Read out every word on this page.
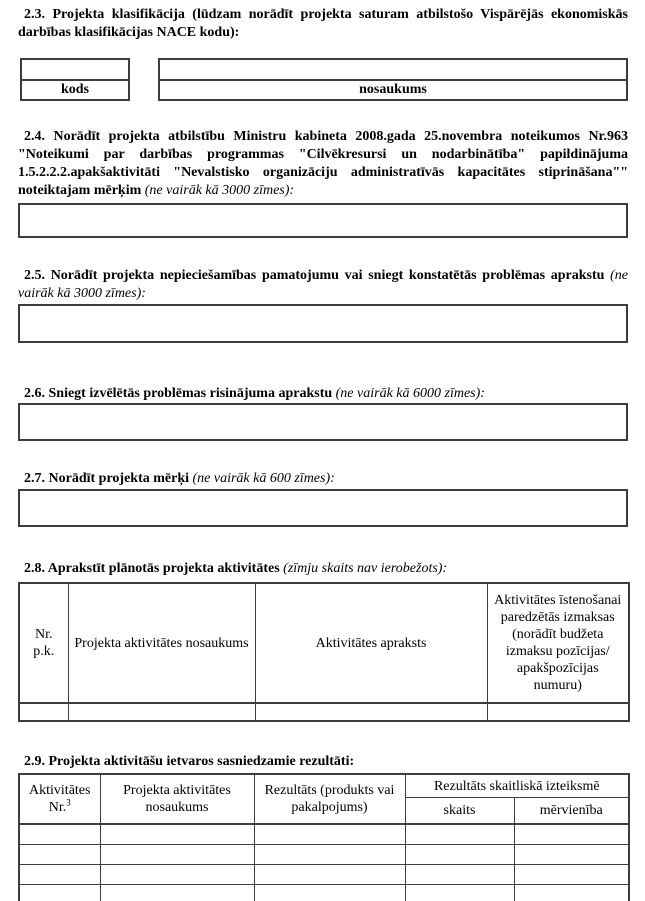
2.3. Projekta klasifikācija (lūdzam norādīt projekta saturam atbilstošo Vispārējās ekonomiskās darbības klasifikācijas NACE kodu):

kods	nosaukums

2.4. Norādīt projekta atbilstību Ministru kabineta 2008.gada 25.novembra noteikumos Nr.963 "Noteikumi par darbības programmas "Cilvēkresursi un nodarbinātība" papildinājuma 1.5.2.2.2.apakšaktivitāti "Nevalstisko organizāciju administratīvās kapacitātes stiprināšana"" noteiktajam mērķim (ne vairāk kā 3000 zīmes):

2.5. Norādīt projekta nepieciešamības pamatojumu vai sniegt konstatētās problēmas aprakstu (ne vairāk kā 3000 zīmes):

2.6. Sniegt izvēlētās problēmas risinājuma aprakstu (ne vairāk kā 6000 zīmes):

2.7. Norādīt projekta mērķi (ne vairāk kā 600 zīmes):

2.8. Aprakstīt plānotās projekta aktivitātes (zīmju skaits nav ierobežots):

Nr. p.k.	Projekta aktivitātes nosaukums	Aktivitātes apraksts	Aktivitātes īstenošanai paredzētās izmaksas (norādīt budžeta izmaksu pozīcijas/ apakšpozīcijas numuru)

2.9. Projekta aktivitāšu ietvaros sasniedzamie rezultāti:

Aktivitātes Nr.$^3$	Projekta aktivitātes nosaukums	Rezultāts (produkts vai pakalpojums)	Rezultāts skaitliskā izteiksmē	
			skaits	mērvienība
